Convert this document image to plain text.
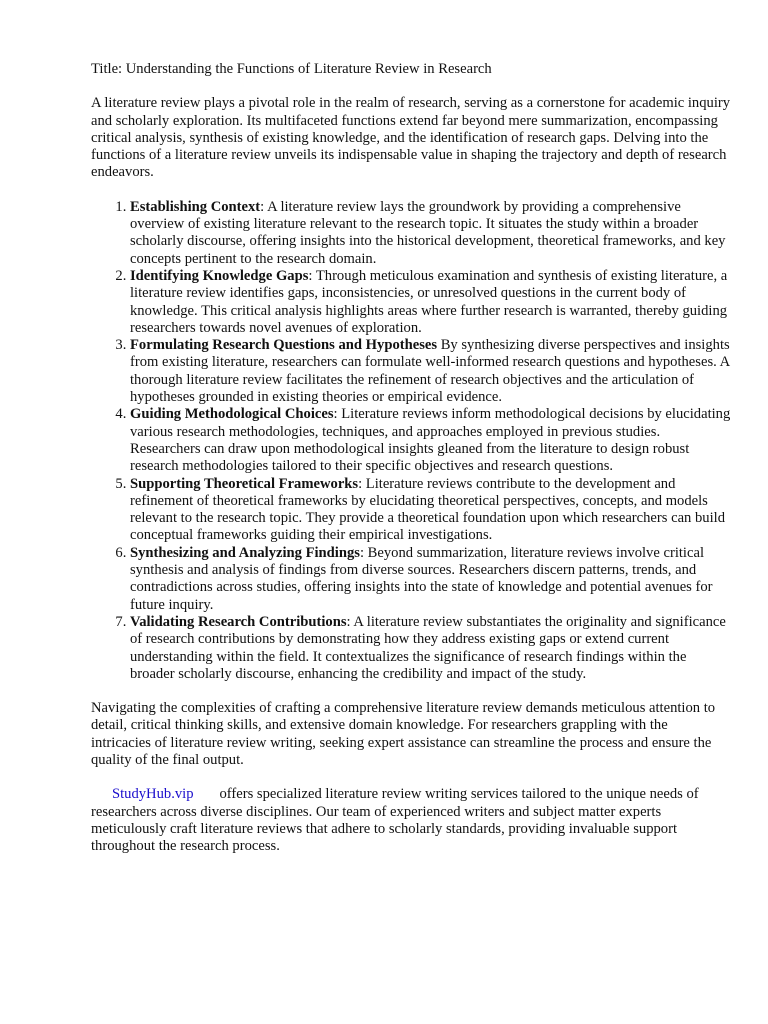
Title: Understanding the Functions of Literature Review in Research

A literature review plays a pivotal role in the realm of research, serving as a cornerstone for academic inquiry and scholarly exploration. Its multifaceted functions extend far beyond mere summarization, encompassing critical analysis, synthesis of existing knowledge, and the identification of research gaps. Delving into the functions of a literature review unveils its indispensable value in shaping the trajectory and depth of research endeavors.

1. Establishing Context: A literature review lays the groundwork by providing a comprehensive overview of existing literature relevant to the research topic. It situates the study within a broader scholarly discourse, offering insights into the historical development, theoretical frameworks, and key concepts pertinent to the research domain.
2. Identifying Knowledge Gaps: Through meticulous examination and synthesis of existing literature, a literature review identifies gaps, inconsistencies, or unresolved questions in the current body of knowledge. This critical analysis highlights areas where further research is warranted, thereby guiding researchers towards novel avenues of exploration.
3. Formulating Research Questions and Hypotheses By synthesizing diverse perspectives and insights from existing literature, researchers can formulate well-informed research questions and hypotheses. A thorough literature review facilitates the refinement of research objectives and the articulation of hypotheses grounded in existing theories or empirical evidence.
4. Guiding Methodological Choices: Literature reviews inform methodological decisions by elucidating various research methodologies, techniques, and approaches employed in previous studies. Researchers can draw upon methodological insights gleaned from the literature to design robust research methodologies tailored to their specific objectives and research questions.
5. Supporting Theoretical Frameworks: Literature reviews contribute to the development and refinement of theoretical frameworks by elucidating theoretical perspectives, concepts, and models relevant to the research topic. They provide a theoretical foundation upon which researchers can build conceptual frameworks guiding their empirical investigations.
6. Synthesizing and Analyzing Findings: Beyond summarization, literature reviews involve critical synthesis and analysis of findings from diverse sources. Researchers discern patterns, trends, and contradictions across studies, offering insights into the state of knowledge and potential avenues for future inquiry.
7. Validating Research Contributions: A literature review substantiates the originality and significance of research contributions by demonstrating how they address existing gaps or extend current understanding within the field. It contextualizes the significance of research findings within the broader scholarly discourse, enhancing the credibility and impact of the study.

Navigating the complexities of crafting a comprehensive literature review demands meticulous attention to detail, critical thinking skills, and extensive domain knowledge. For researchers grappling with the intricacies of literature review writing, seeking expert assistance can streamline the process and ensure the quality of the final output.

StudyHub.vip offers specialized literature review writing services tailored to the unique needs of researchers across diverse disciplines. Our team of experienced writers and subject matter experts meticulously craft literature reviews that adhere to scholarly standards, providing invaluable support throughout the research process.
